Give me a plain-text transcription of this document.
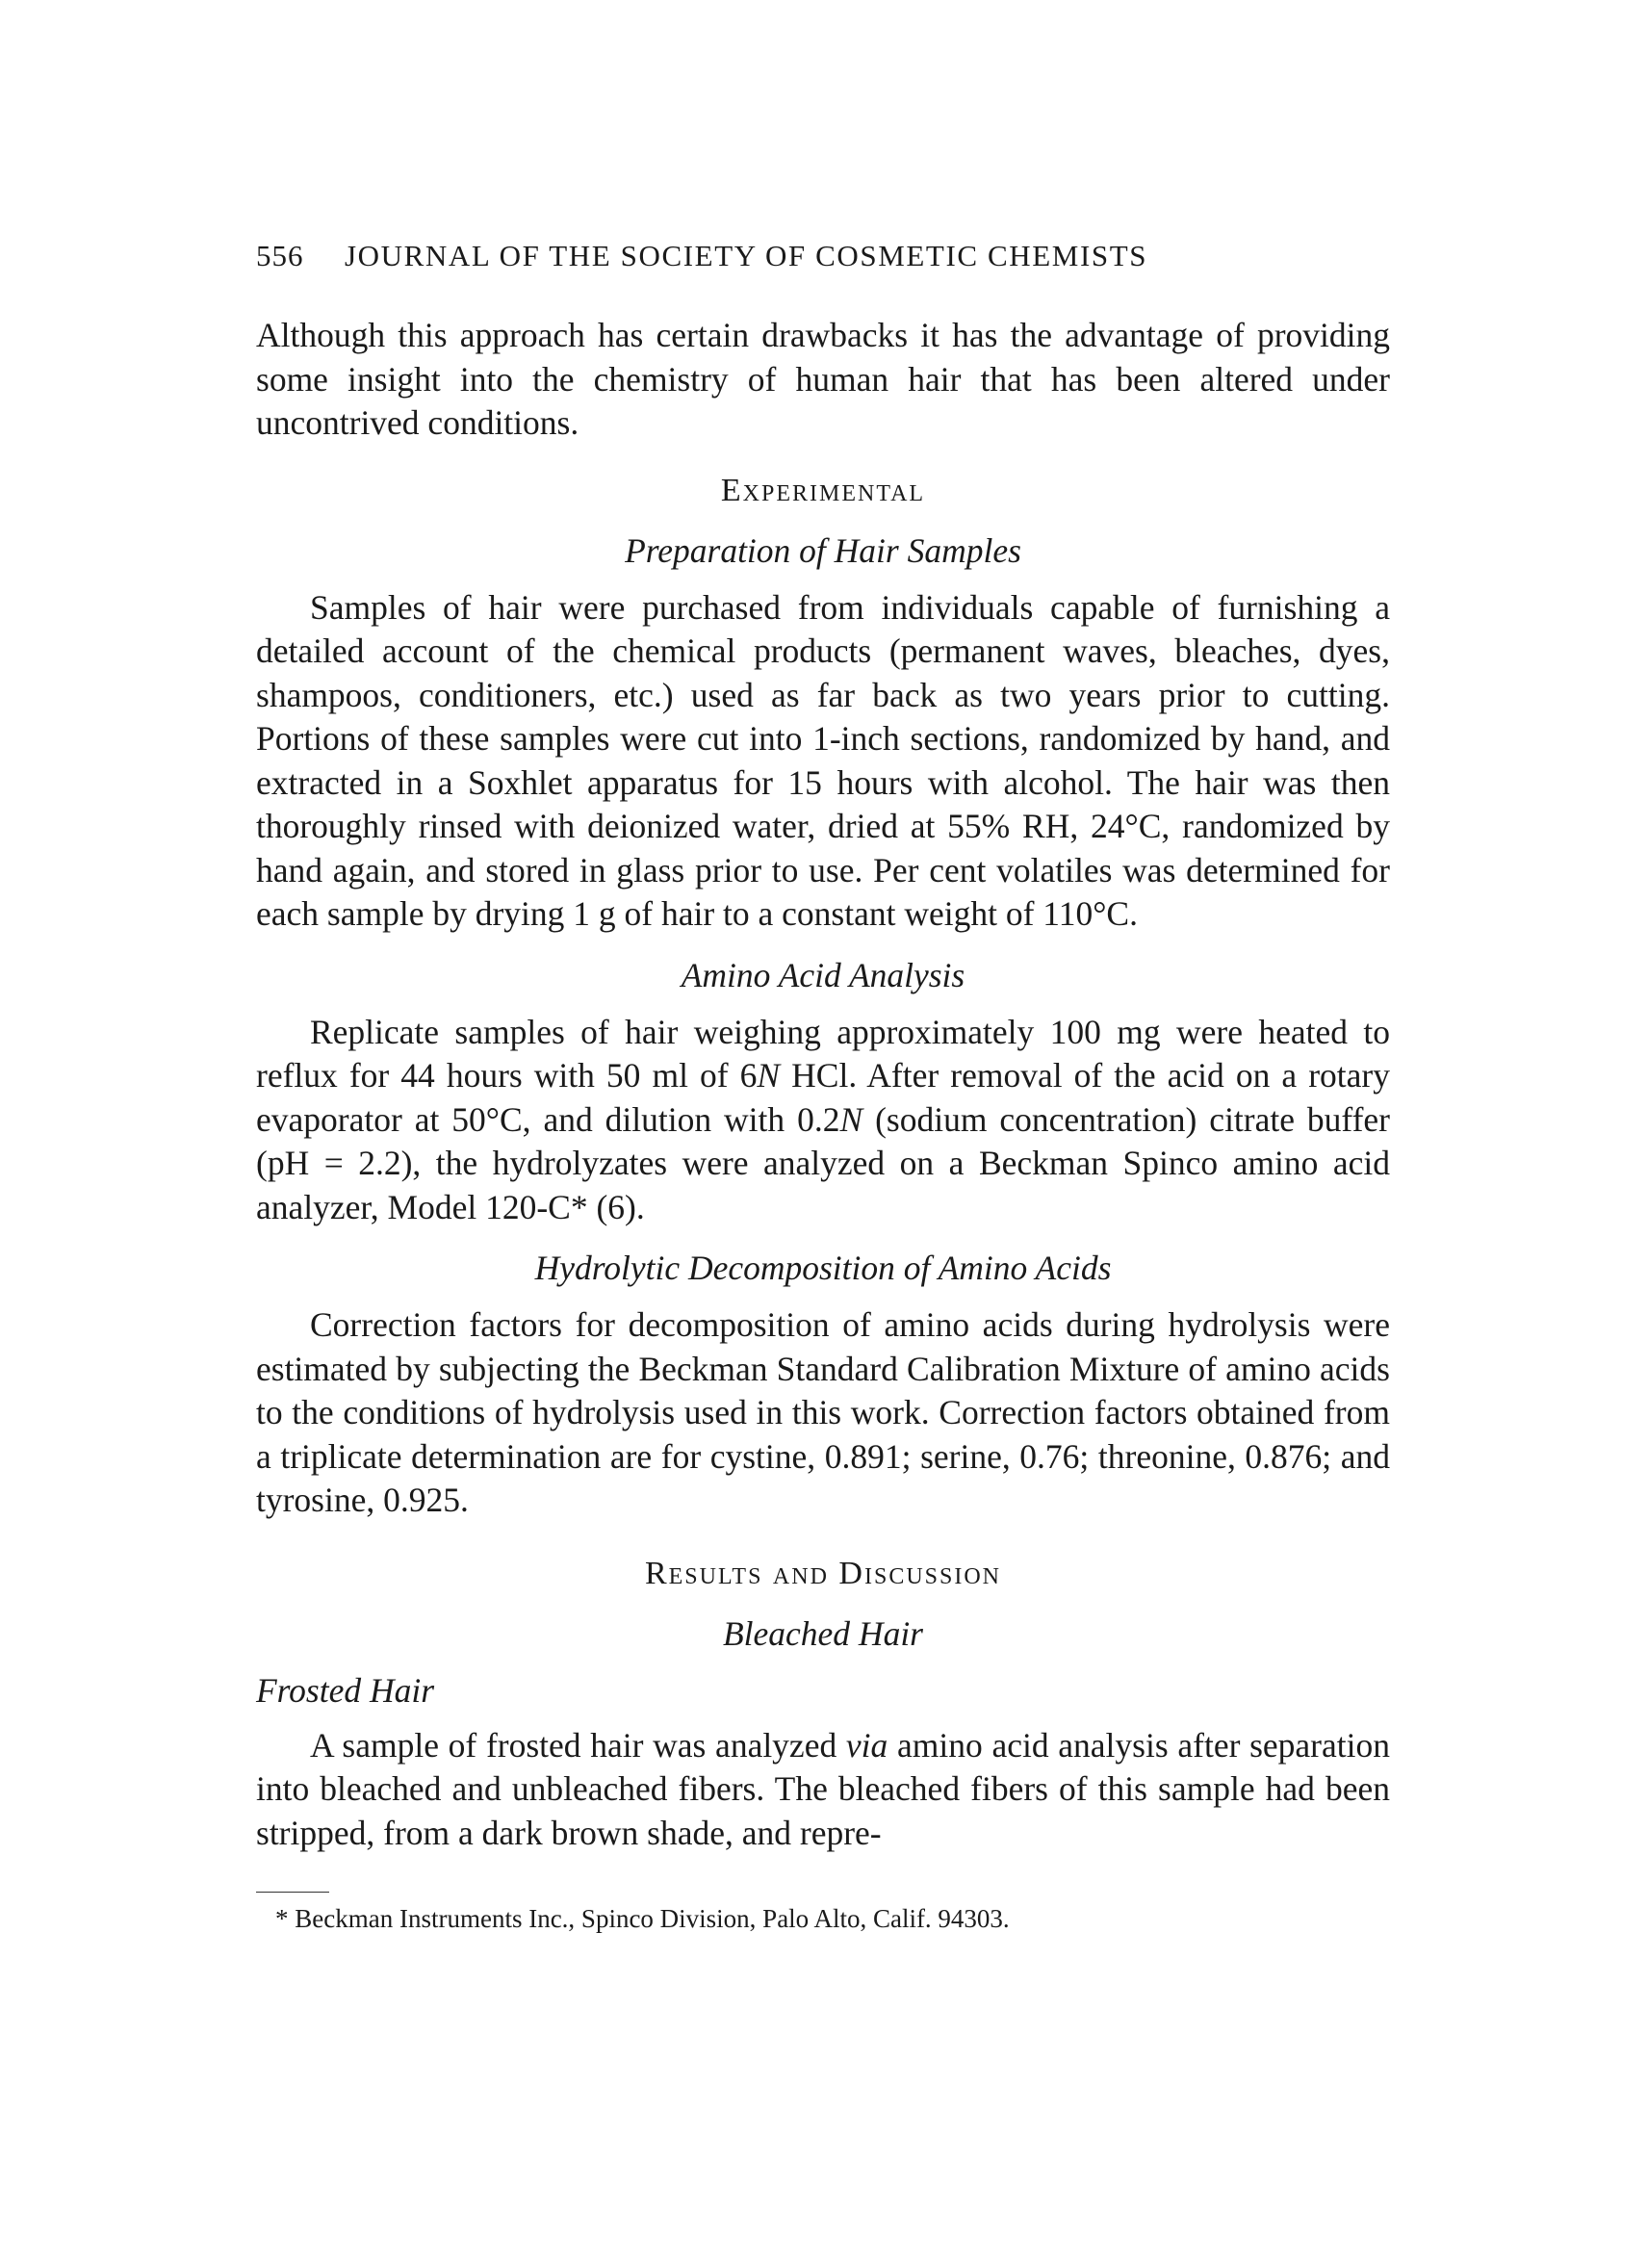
556 JOURNAL OF THE SOCIETY OF COSMETIC CHEMISTS

Although this approach has certain drawbacks it has the advantage of providing some insight into the chemistry of human hair that has been altered under uncontrived conditions.

Experimental
Preparation of Hair Samples

Samples of hair were purchased from individuals capable of furnishing a detailed account of the chemical products (permanent waves, bleaches, dyes, shampoos, conditioners, etc.) used as far back as two years prior to cutting. Portions of these samples were cut into 1-inch sections, randomized by hand, and extracted in a Soxhlet apparatus for 15 hours with alcohol. The hair was then thoroughly rinsed with deionized water, dried at 55% RH, 24°C, randomized by hand again, and stored in glass prior to use. Per cent volatiles was determined for each sample by drying 1 g of hair to a constant weight of 110°C.

Amino Acid Analysis

Replicate samples of hair weighing approximately 100 mg were heated to reflux for 44 hours with 50 ml of 6N HCl. After removal of the acid on a rotary evaporator at 50°C, and dilution with 0.2N (sodium concentration) citrate buffer (pH = 2.2), the hydrolyzates were analyzed on a Beckman Spinco amino acid analyzer, Model 120-C* (6).

Hydrolytic Decomposition of Amino Acids

Correction factors for decomposition of amino acids during hydrolysis were estimated by subjecting the Beckman Standard Calibration Mixture of amino acids to the conditions of hydrolysis used in this work. Correction factors obtained from a triplicate determination are for cystine, 0.891; serine, 0.76; threonine, 0.876; and tyrosine, 0.925.

Results and Discussion
Bleached Hair
Frosted Hair

A sample of frosted hair was analyzed via amino acid analysis after separation into bleached and unbleached fibers. The bleached fibers of this sample had been stripped, from a dark brown shade, and repre-

* Beckman Instruments Inc., Spinco Division, Palo Alto, Calif. 94303.
